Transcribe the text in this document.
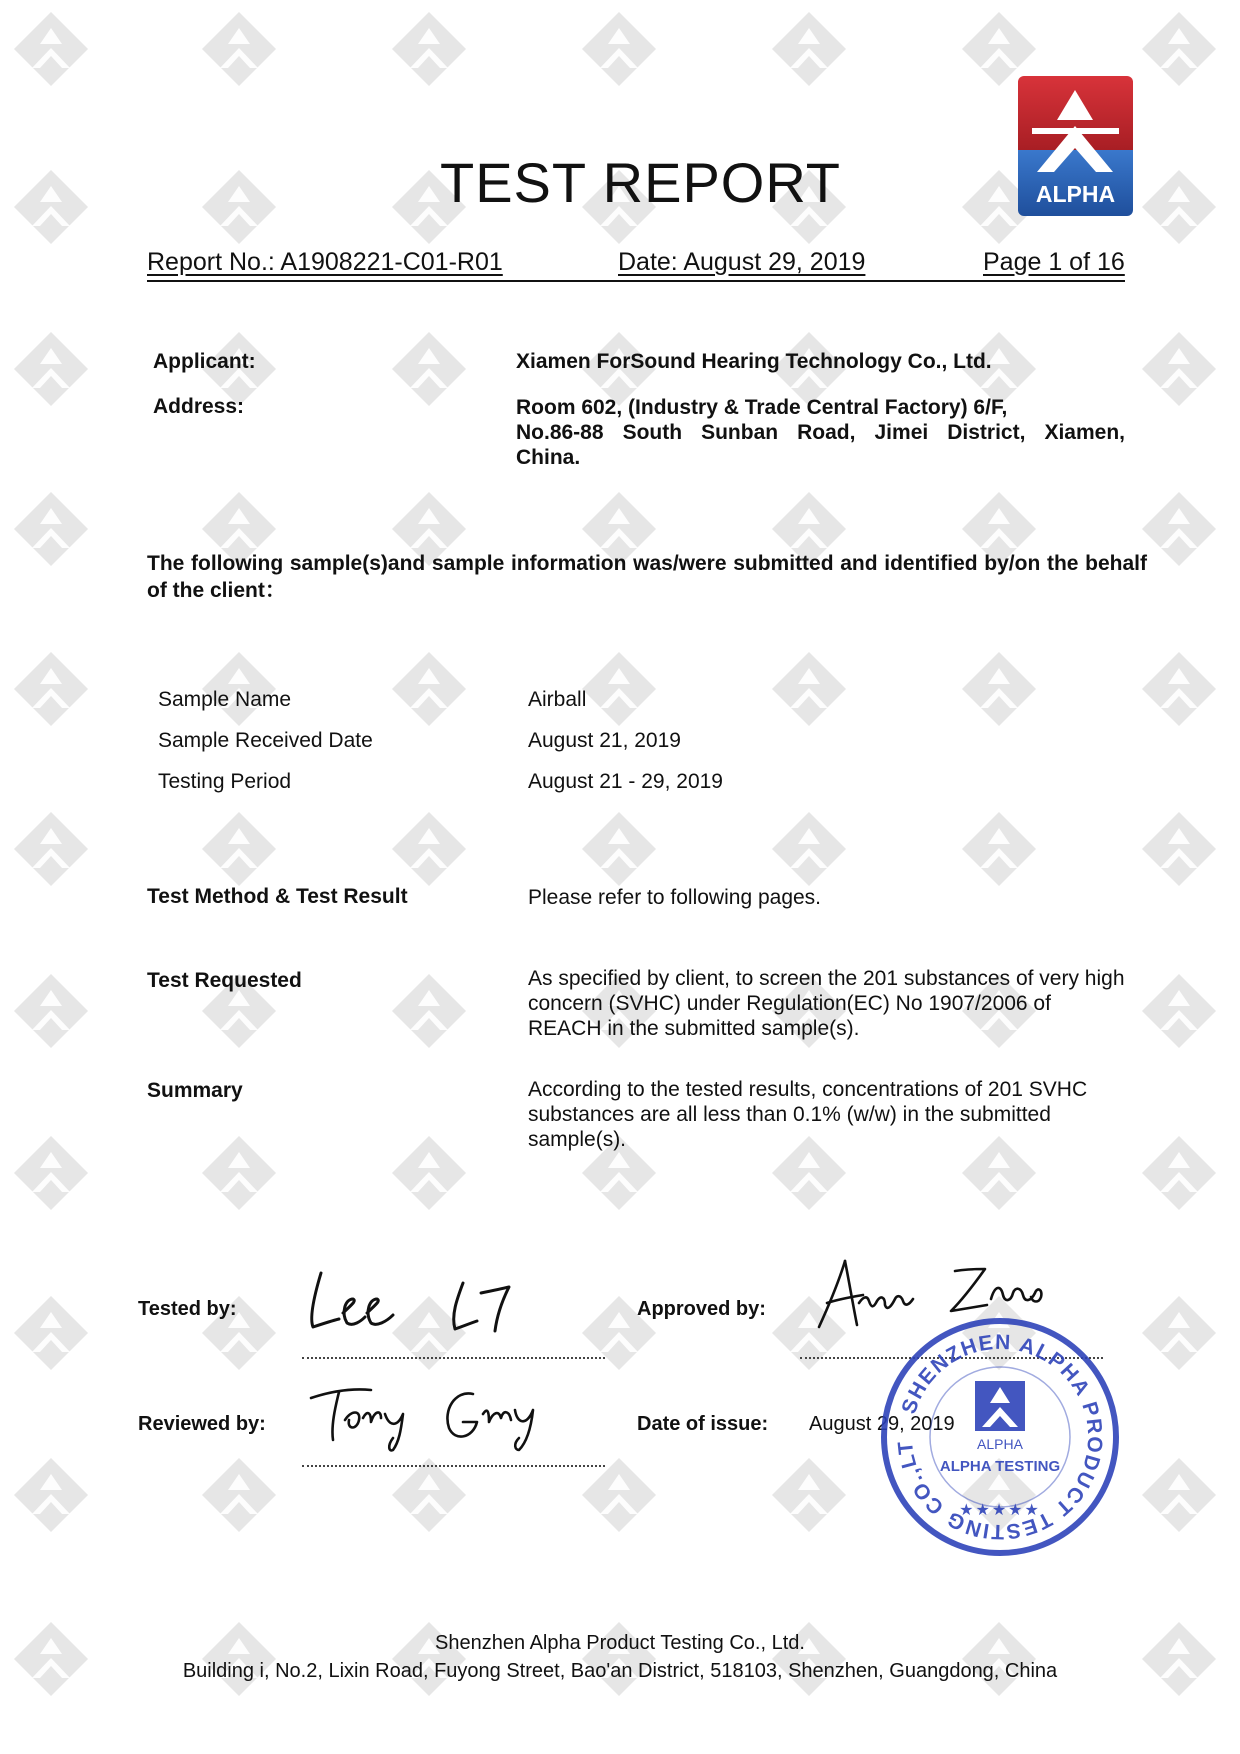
TEST REPORT	ALPHA
Report No.: A1908221-C01-R01	Date: August 29, 2019	Page 1 of 16
Applicant:	Xiamen ForSound Hearing Technology Co., Ltd.
Address:	Room 602, (Industry & Trade Central Factory) 6/F,
No.86-88 South Sunban Road, Jimei District, Xiamen,
China.
The following sample(s)and sample information was/were submitted and identified by/on the behalf of the client：
Sample Name	Airball
Sample Received Date	August 21, 2019
Testing Period	August 21 - 29, 2019
Test Method & Test Result	Please refer to following pages.
Test Requested	As specified by client, to screen the 201 substances of very high concern (SVHC) under Regulation(EC) No 1907/2006 of REACH in the submitted sample(s).
Summary	According to the tested results, concentrations of 201 SVHC substances are all less than 0.1% (w/w) in the submitted sample(s).
Tested by:	Approved by:
Reviewed by:	Date of issue: August 29, 2019
SHENZHEN ALPHA PRODUCT TESTING CO.,LT	ALPHA
ALPHA TESTING
★★★★★
Shenzhen Alpha Product Testing Co., Ltd.
Building i, No.2, Lixin Road, Fuyong Street, Bao'an District, 518103, Shenzhen, Guangdong, China
